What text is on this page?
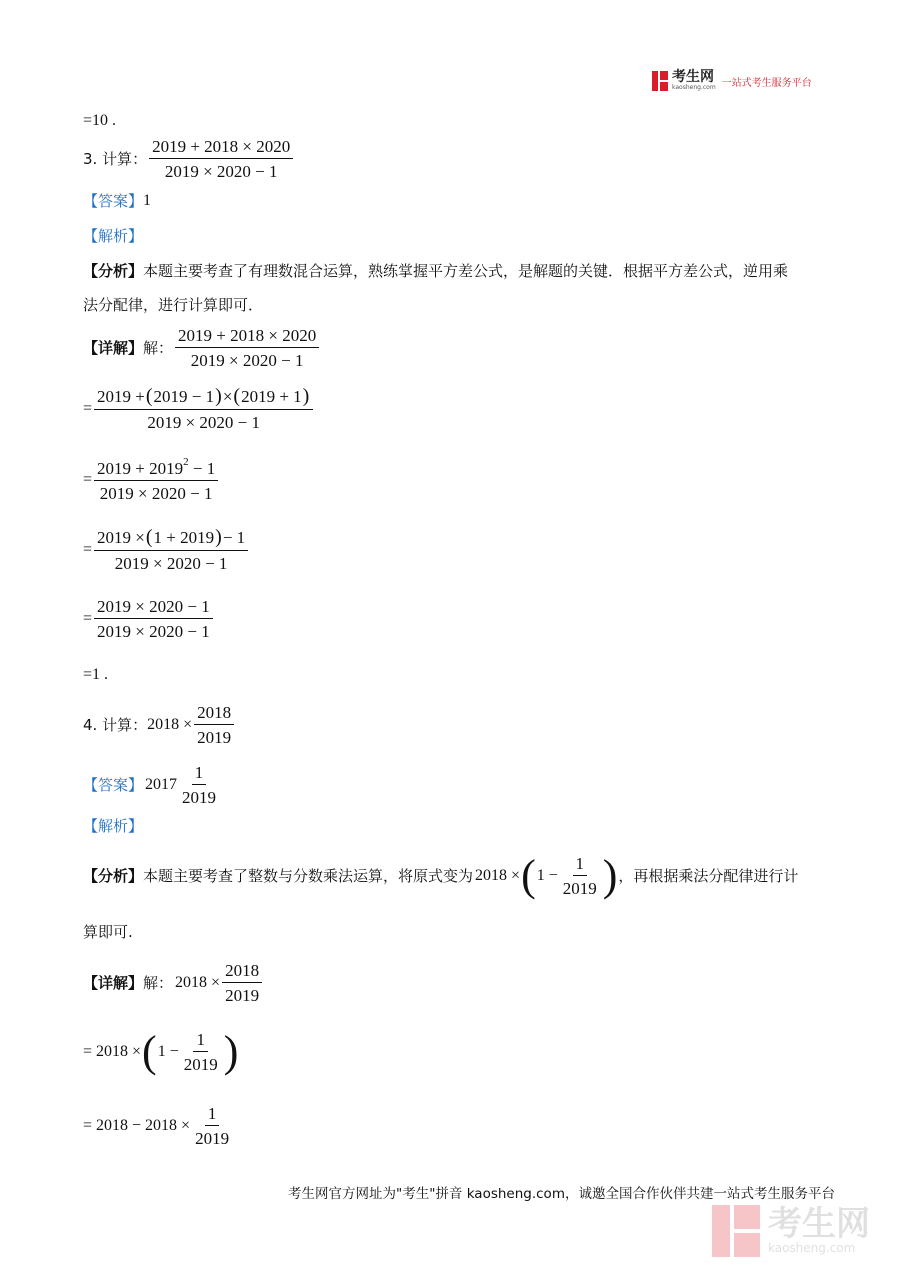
考生网
kaosheng.com 一站式考生服务平台
=10 .
3. 计算： $\frac{2019 + 2018 \times 2020}{2019 \times 2020 - 1}$
【答案】 1
【解析】
【分析】 本题主要考查了有理数混合运算，熟练掌握平方差公式，是解题的关键．根据平方差公式，逆用乘
法分配律，进行计算即可．
【详解】 解： $\frac{2019 + 2018 \times 2020}{2019 \times 2020 - 1}$
= $\frac{2019 + ( 2019 - 1 ) \times ( 2019 + 1 )}{2019 \times 2020 - 1}$
= $\frac{2019 + 2019^2 - 1}{2019 \times 2020 - 1}$
= $\frac{2019 \times ( 1 + 2019 ) - 1}{2019 \times 2020 - 1}$
= $\frac{2019 \times 2020 - 1}{2019 \times 2020 - 1}$
=1 .
4. 计算： $2018 \times \frac{2018}{2019}$
【答案】 $2017 \frac{1}{2019}$
【解析】
【分析】 本题主要考查了整数与分数乘法运算，将原式变为 2018 × ( $1 - \frac{1}{2019}$ ) ，再根据乘法分配律进行计
算即可.
【详解】 解： $2018 \times \frac{2018}{2019}$
= 2018 × ( $1 - \frac{1}{2019}$ )
= $2018 - 2018 \times \frac{1}{2019}$
考生网官方网址为"考生"拼音 kaosheng.com，诚邀全国合作伙伴共建一站式考生服务平台
考生网
kaosheng.com
